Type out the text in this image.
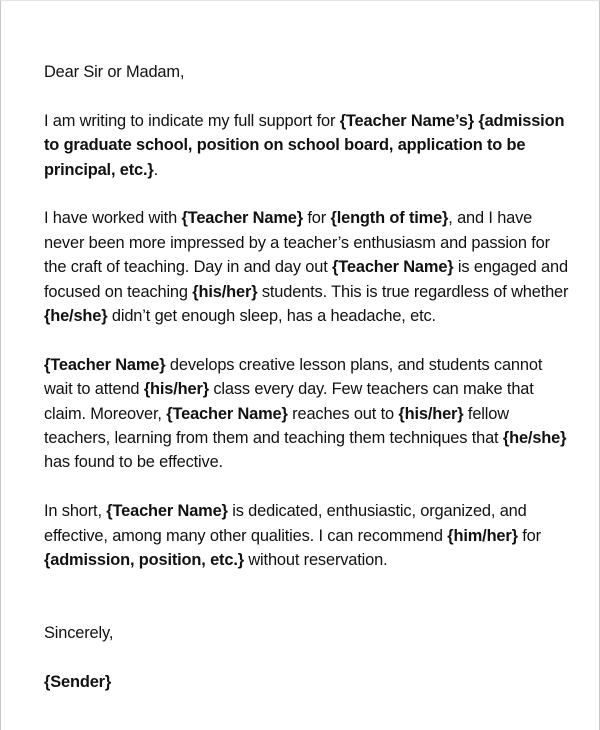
Dear Sir or Madam,

I am writing to indicate my full support for {Teacher Name’s} {admission to graduate school, position on school board, application to be principal, etc.}.

I have worked with {Teacher Name} for {length of time}, and I have never been more impressed by a teacher’s enthusiasm and passion for the craft of teaching. Day in and day out {Teacher Name} is engaged and focused on teaching {his/her} students. This is true regardless of whether {he/she} didn’t get enough sleep, has a headache, etc.

{Teacher Name} develops creative lesson plans, and students cannot wait to attend {his/her} class every day. Few teachers can make that claim. Moreover, {Teacher Name} reaches out to {his/her} fellow teachers, learning from them and teaching them techniques that {he/she} has found to be effective.

In short, {Teacher Name} is dedicated, enthusiastic, organized, and effective, among many other qualities. I can recommend {him/her} for {admission, position, etc.} without reservation.

Sincerely,

{Sender}
